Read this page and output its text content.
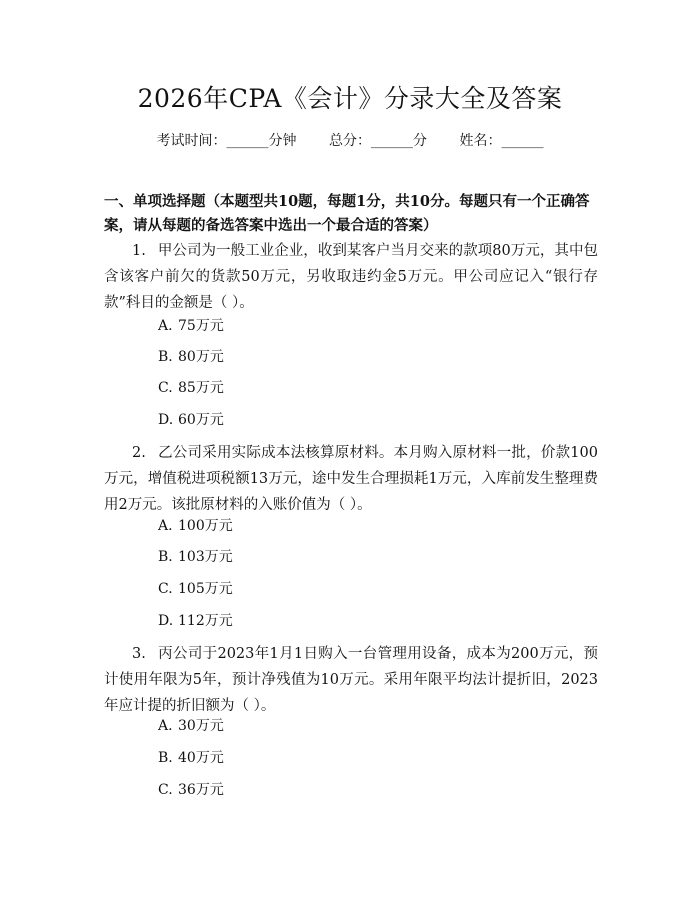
2026年CPA《会计》分录大全及答案
考试时间：______分钟 总分：______分 姓名：______
一、单项选择题（本题型共10题，每题1分，共10分。每题只有一个正确答案，请从每题的备选答案中选出一个最合适的答案）
1. 甲公司为一般工业企业，收到某客户当月交来的款项80万元，其中包含该客户前欠的货款50万元，另收取违约金5万元。甲公司应记入“银行存款”科目的金额是（ ）。
A. 75万元
B. 80万元
C. 85万元
D. 60万元
2. 乙公司采用实际成本法核算原材料。本月购入原材料一批，价款100万元，增值税进项税额13万元，途中发生合理损耗1万元，入库前发生整理费用2万元。该批原材料的入账价值为（ ）。
A. 100万元
B. 103万元
C. 105万元
D. 112万元
3. 丙公司于2023年1月1日购入一台管理用设备，成本为200万元，预计使用年限为5年，预计净残值为10万元。采用年限平均法计提折旧，2023年应计提的折旧额为（ ）。
A. 30万元
B. 40万元
C. 36万元
